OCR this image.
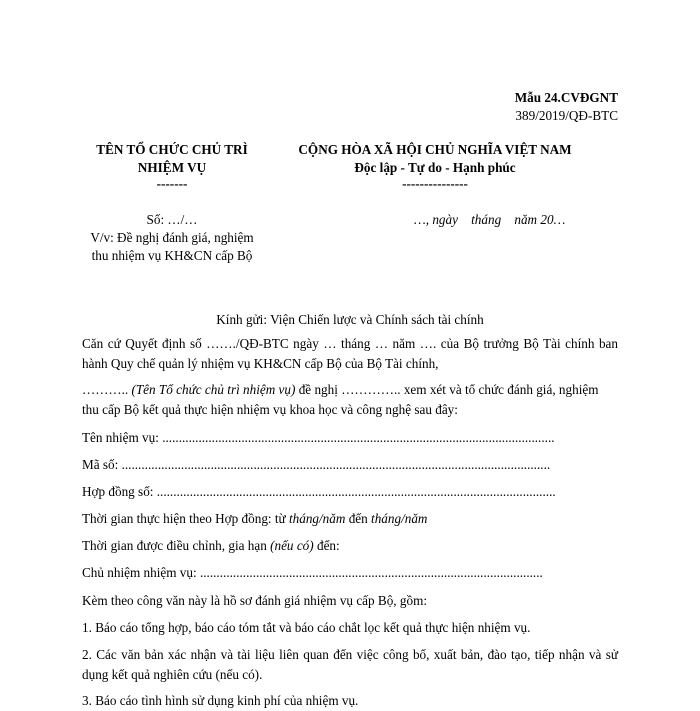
Mẫu 24.CVĐGNT
389/2019/QĐ-BTC
TÊN TỔ CHỨC CHỦ TRÌ
NHIỆM VỤ
-------
Số: …/…
V/v: Đề nghị đánh giá, nghiệm
thu nhiệm vụ KH&CN cấp Bộ
CỘNG HÒA XÃ HỘI CHỦ NGHĨA VIỆT NAM
Độc lập - Tự do - Hạnh phúc
---------------
…, ngày    tháng    năm 20…
Kính gửi: Viện Chiến lược và Chính sách tài chính
Căn cứ Quyết định số ……./QĐ-BTC ngày … tháng … năm …. của Bộ trưởng Bộ Tài chính ban hành Quy chế quản lý nhiệm vụ KH&CN cấp Bộ của Bộ Tài chính,
……….. (Tên Tổ chức chủ trì nhiệm vụ) đề nghị ………….. xem xét và tổ chức đánh giá, nghiệm thu cấp Bộ kết quả thực hiện nhiệm vụ khoa học và công nghệ sau đây:
Tên nhiệm vụ: .......................................................................................................................
Mã số: ..................................................................................................................................
Hợp đồng số: .........................................................................................................................
Thời gian thực hiện theo Hợp đồng: từ tháng/năm đến tháng/năm
Thời gian được điều chỉnh, gia hạn (nếu có) đến:
Chủ nhiệm nhiệm vụ: ........................................................................................................
Kèm theo công văn này là hồ sơ đánh giá nhiệm vụ cấp Bộ, gồm:
1. Báo cáo tổng hợp, báo cáo tóm tắt và báo cáo chắt lọc kết quả thực hiện nhiệm vụ.
2. Các văn bản xác nhận và tài liệu liên quan đến việc công bố, xuất bản, đào tạo, tiếp nhận và sử dụng kết quả nghiên cứu (nếu có).
3. Báo cáo tình hình sử dụng kinh phí của nhiệm vụ.
